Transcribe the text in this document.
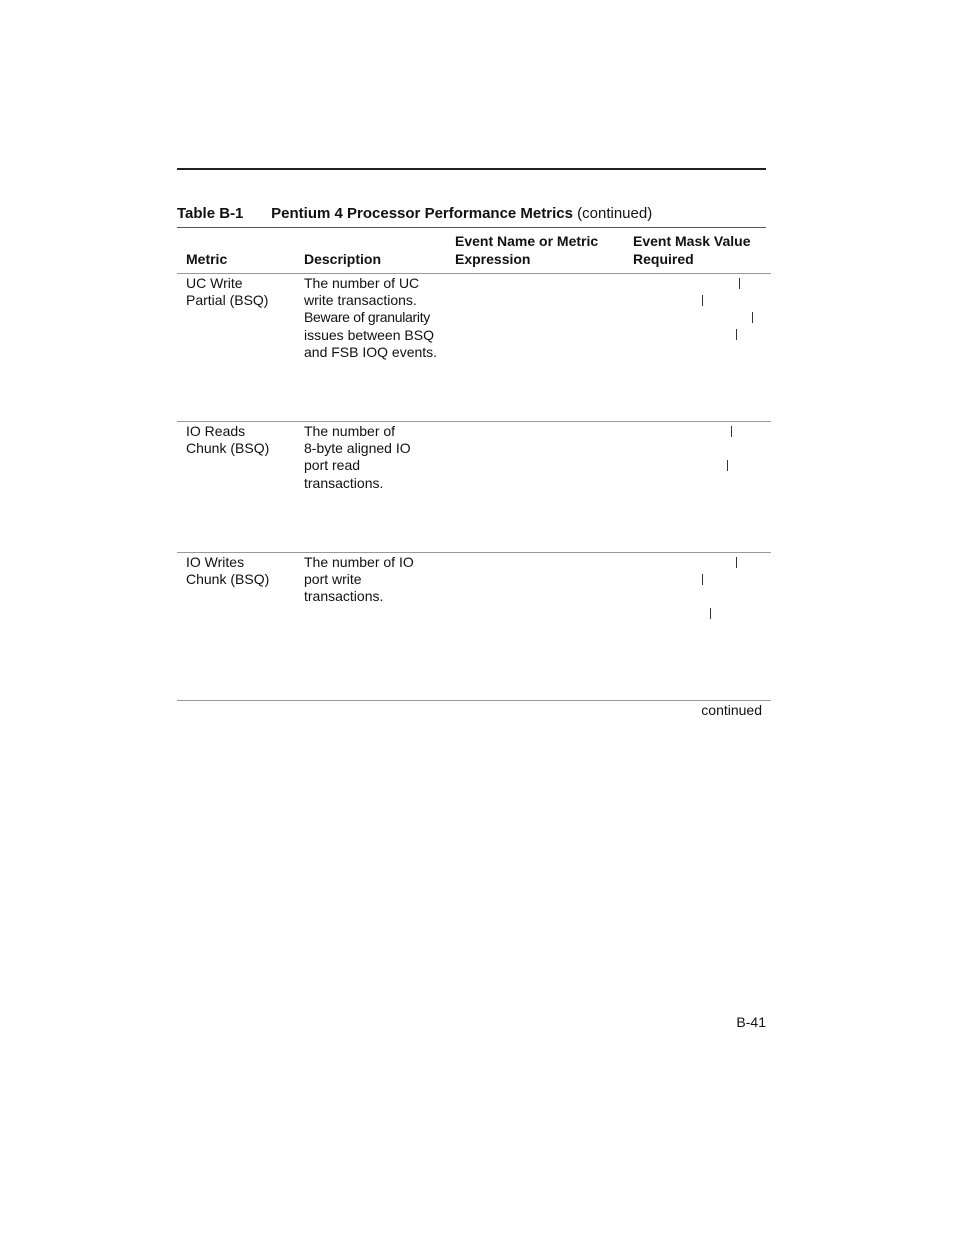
Table B-1 Pentium 4 Processor Performance Metrics (continued)
Metric	Description
Event Name or Metric
Expression
Event Mask Value
Required
UC Write
Partial (BSQ)
The number of UC
write transactions.
Beware of granularity
issues between BSQ
and FSB IOQ events.
IO Reads
Chunk (BSQ)
The number of
8-byte aligned IO
port read
transactions.
IO Writes
Chunk (BSQ)
The number of IO
port write
transactions.
continued
B-41
